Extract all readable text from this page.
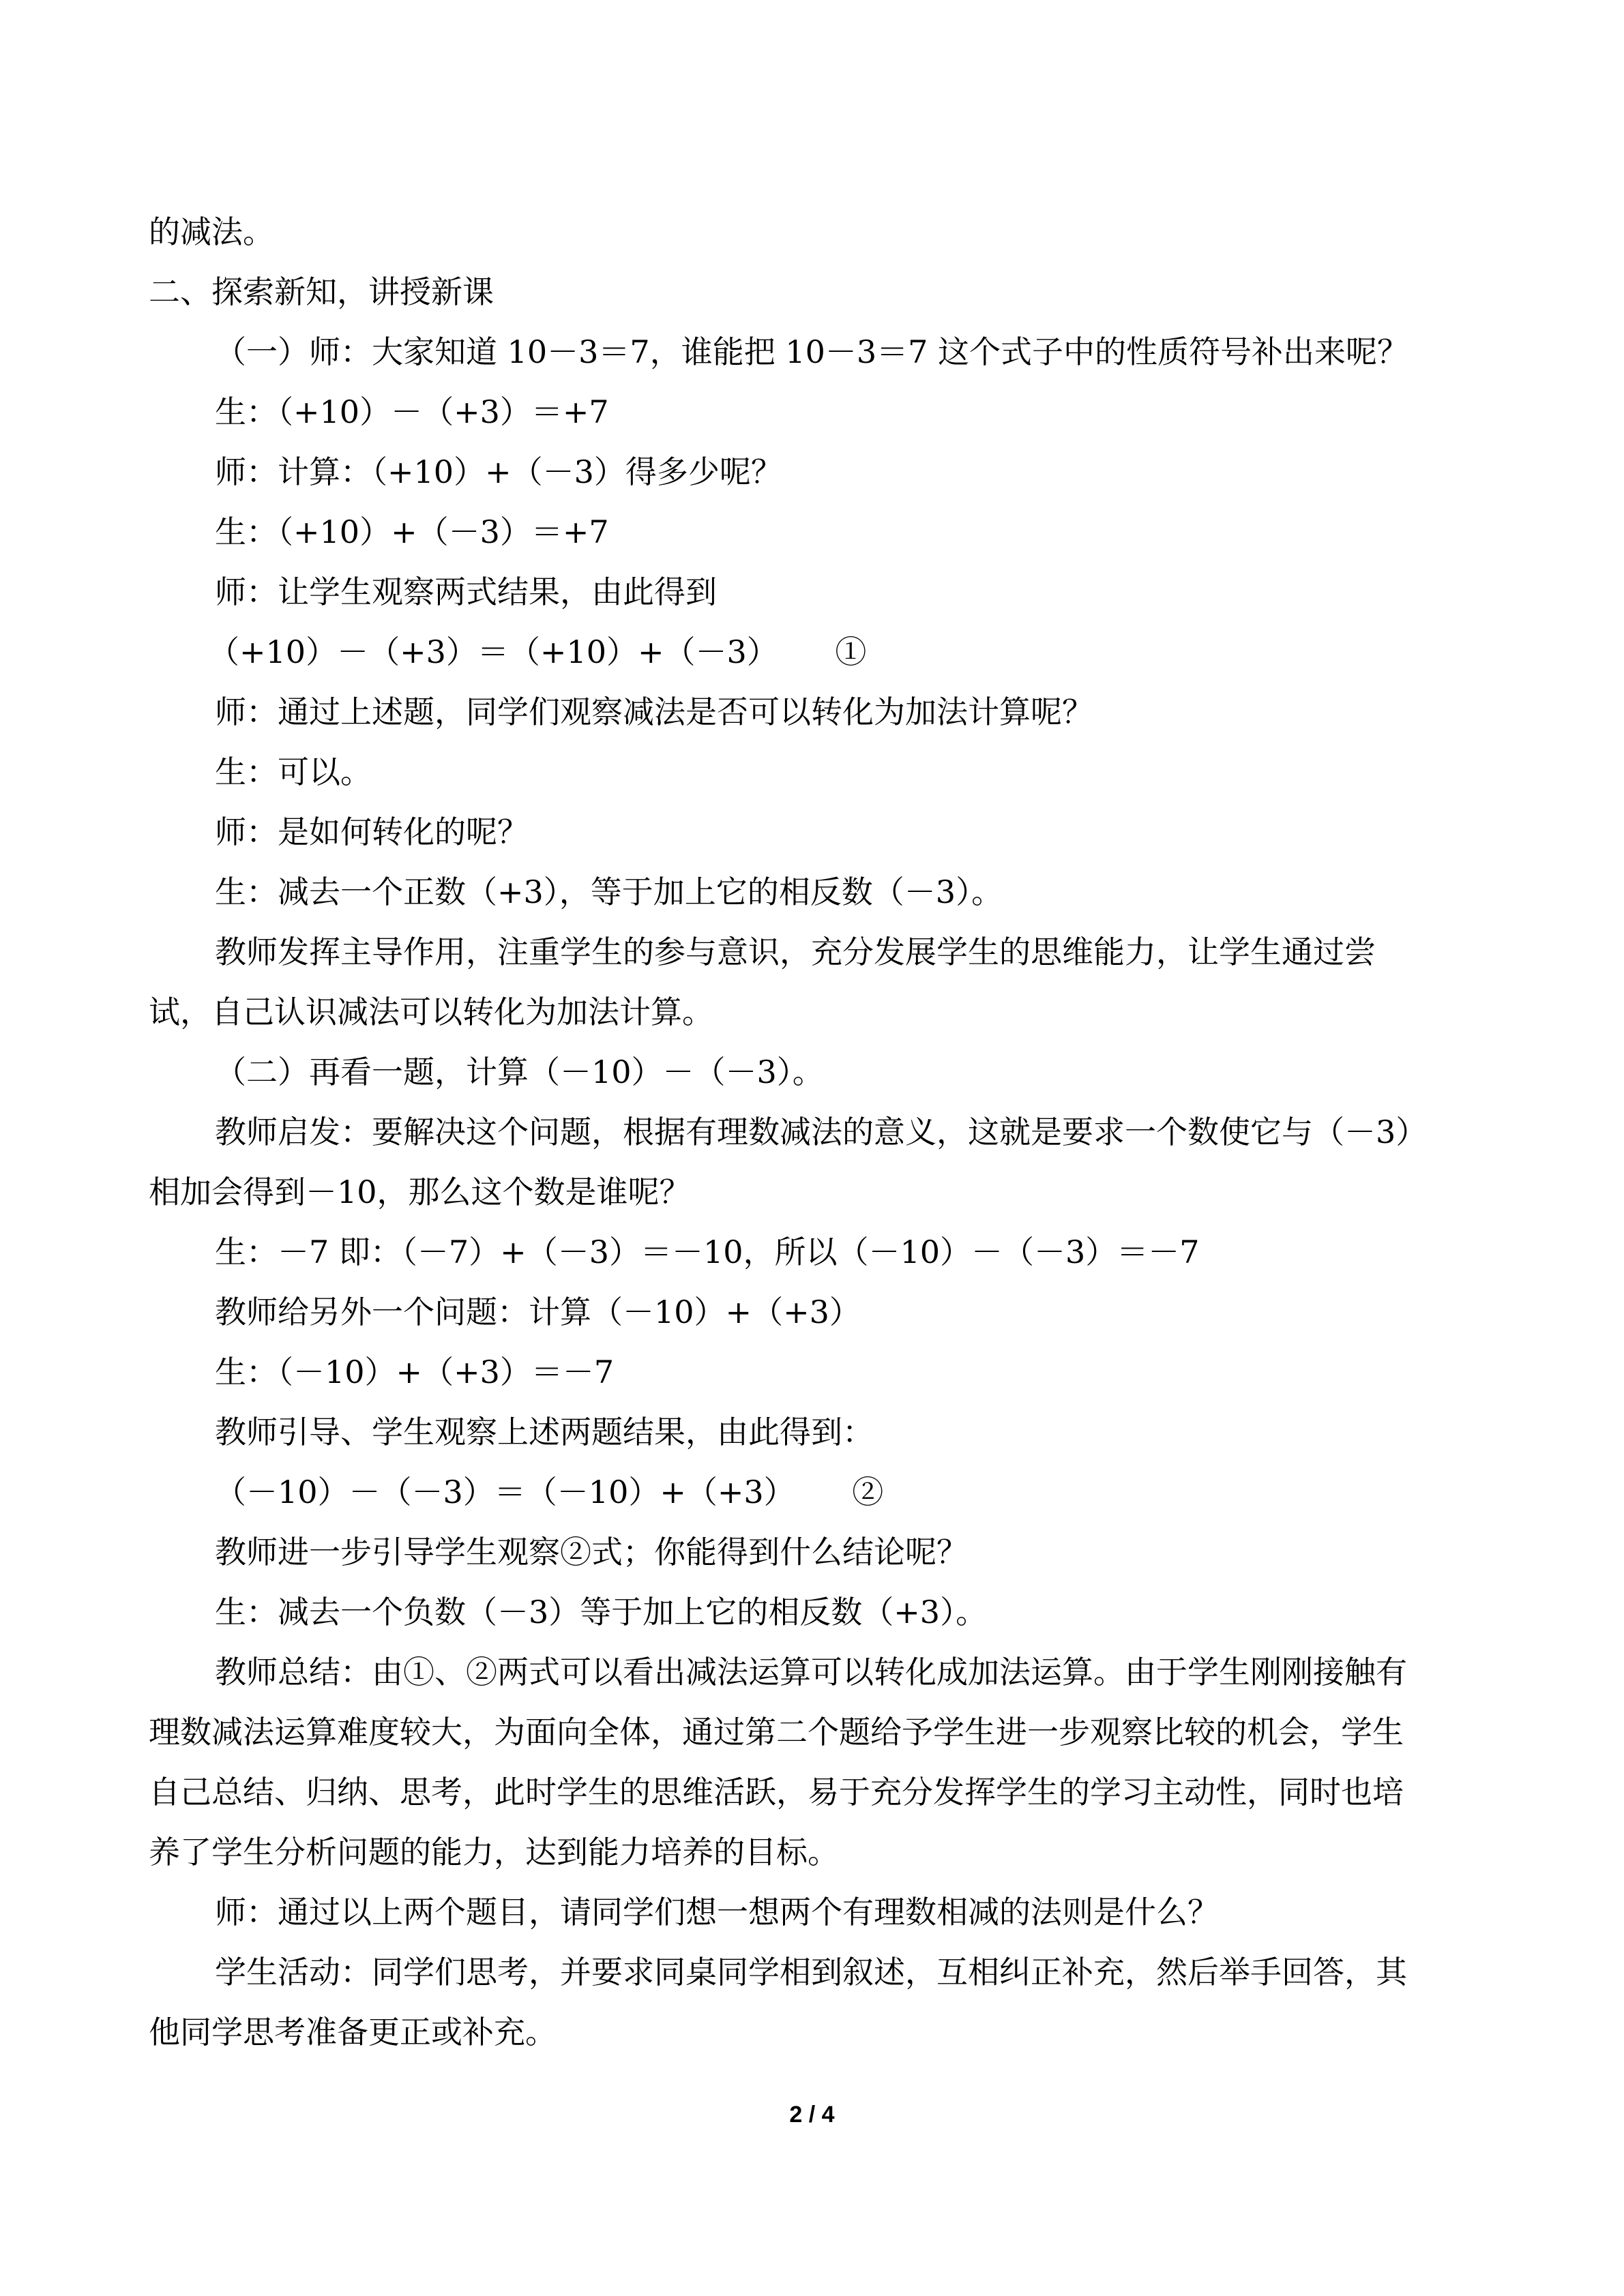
的减法。
二、探索新知，讲授新课
（一）师：大家知道 10－3＝7，谁能把 10－3＝7 这个式子中的性质符号补出来呢？
生：（+10）－（+3）＝+7
师：计算：（+10）+（－3）得多少呢？
生：（+10）+（－3）＝+7
师：让学生观察两式结果，由此得到
（+10）－（+3）＝（+10）+（－3）　　 ①
师：通过上述题，同学们观察减法是否可以转化为加法计算呢？
生：可以。
师：是如何转化的呢？
生：减去一个正数（+3），等于加上它的相反数（－3）。
教师发挥主导作用，注重学生的参与意识，充分发展学生的思维能力，让学生通过尝
试，自己认识减法可以转化为加法计算。
（二）再看一题，计算（－10）－（－3）。
教师启发：要解决这个问题，根据有理数减法的意义，这就是要求一个数使它与（－3）
相加会得到－10，那么这个数是谁呢？
生：－7 即：（－7）+（－3）＝－10，所以（－10）－（－3）＝－7
教师给另外一个问题：计算（－10）+（+3）
生：（－10）+（+3）＝－7
教师引导、学生观察上述两题结果，由此得到：
（－10）－（－3）＝（－10）+（+3）　　 ②
教师进一步引导学生观察②式；你能得到什么结论呢？
生：减去一个负数（－3）等于加上它的相反数（+3）。
教师总结：由①、②两式可以看出减法运算可以转化成加法运算。由于学生刚刚接触有
理数减法运算难度较大，为面向全体，通过第二个题给予学生进一步观察比较的机会，学生
自己总结、归纳、思考，此时学生的思维活跃，易于充分发挥学生的学习主动性，同时也培
养了学生分析问题的能力，达到能力培养的目标。
师：通过以上两个题目，请同学们想一想两个有理数相减的法则是什么？
学生活动：同学们思考，并要求同桌同学相到叙述，互相纠正补充，然后举手回答，其
他同学思考准备更正或补充。
2 / 4
